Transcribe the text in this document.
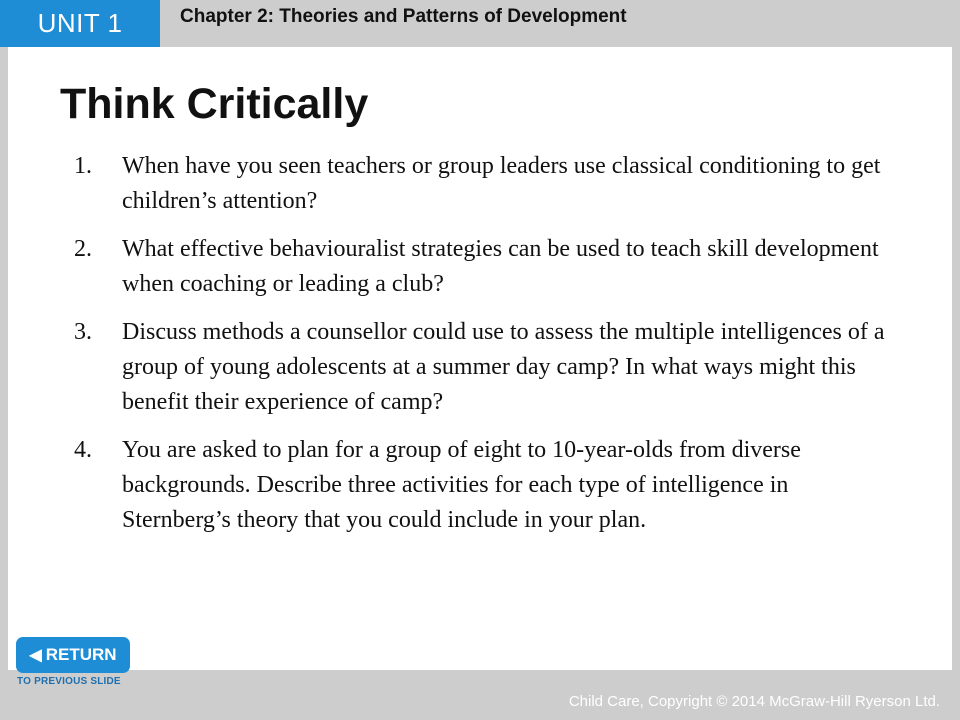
UNIT 1	Chapter 2: Theories and Patterns of Development
Think Critically
1.	When have you seen teachers or group leaders use classical conditioning to get children’s attention?
2.	What effective behaviouralist strategies can be used to teach skill development when coaching or leading a club?
3.	Discuss methods a counsellor could use to assess the multiple intelligences of a group of young adolescents at a summer day camp? In what ways might this benefit their experience of camp?
4.	You are asked to plan for a group of eight to 10-year-olds from diverse backgrounds. Describe three activities for each type of intelligence in Sternberg’s theory that you could include in your plan.
◀ RETURN
TO PREVIOUS SLIDE
Child Care, Copyright © 2014 McGraw-Hill Ryerson Ltd.
